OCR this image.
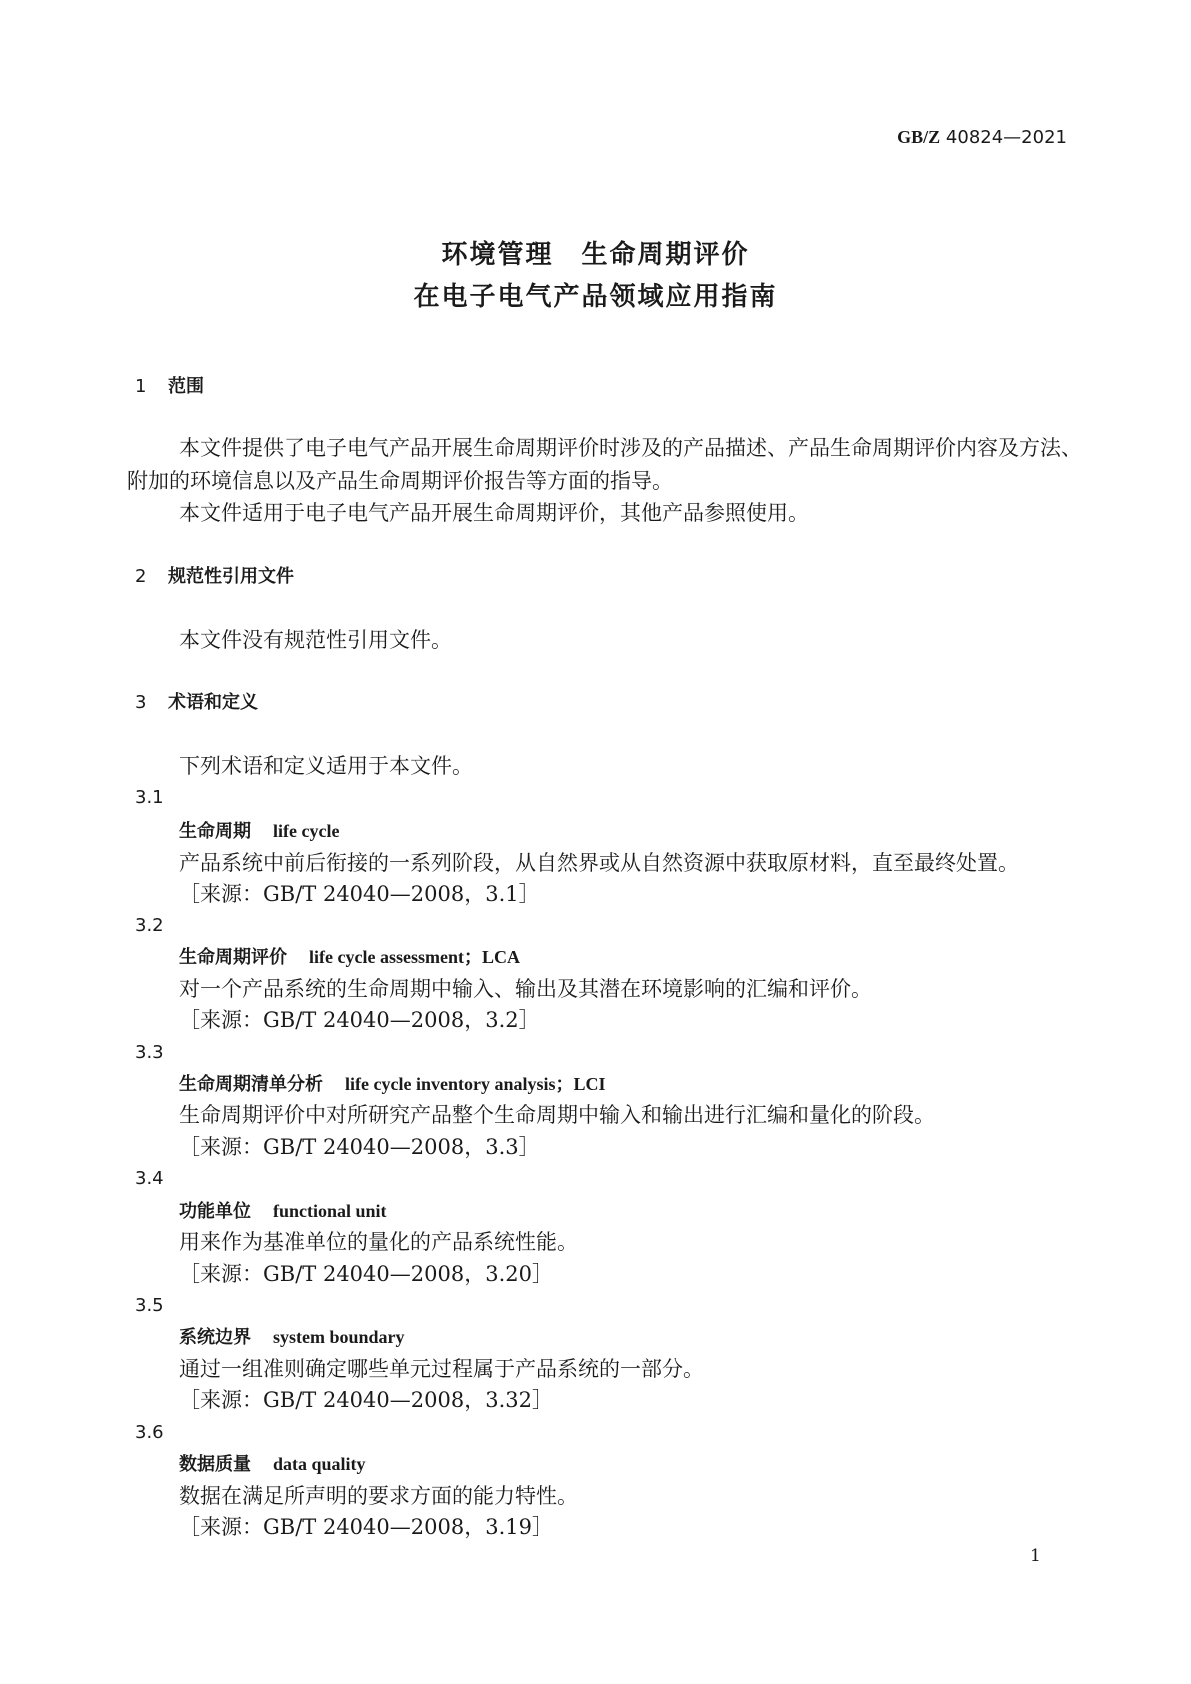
GB/Z 40824—2021
环境管理　生命周期评价
在电子电气产品领域应用指南
1 范围
本文件提供了电子电气产品开展生命周期评价时涉及的产品描述、产品生命周期评价内容及方法、
附加的环境信息以及产品生命周期评价报告等方面的指导。
本文件适用于电子电气产品开展生命周期评价，其他产品参照使用。
2 规范性引用文件
本文件没有规范性引用文件。
3 术语和定义
下列术语和定义适用于本文件。
3.1
生命周期 life cycle
产品系统中前后衔接的一系列阶段，从自然界或从自然资源中获取原材料，直至最终处置。
［来源：GB/T 24040—2008，3.1］
3.2
生命周期评价 life cycle assessment；LCA
对一个产品系统的生命周期中输入、输出及其潜在环境影响的汇编和评价。
［来源：GB/T 24040—2008，3.2］
3.3
生命周期清单分析 life cycle inventory analysis；LCI
生命周期评价中对所研究产品整个生命周期中输入和输出进行汇编和量化的阶段。
［来源：GB/T 24040—2008，3.3］
3.4
功能单位 functional unit
用来作为基准单位的量化的产品系统性能。
［来源：GB/T 24040—2008，3.20］
3.5
系统边界 system boundary
通过一组准则确定哪些单元过程属于产品系统的一部分。
［来源：GB/T 24040—2008，3.32］
3.6
数据质量 data quality
数据在满足所声明的要求方面的能力特性。
［来源：GB/T 24040—2008，3.19］
1
